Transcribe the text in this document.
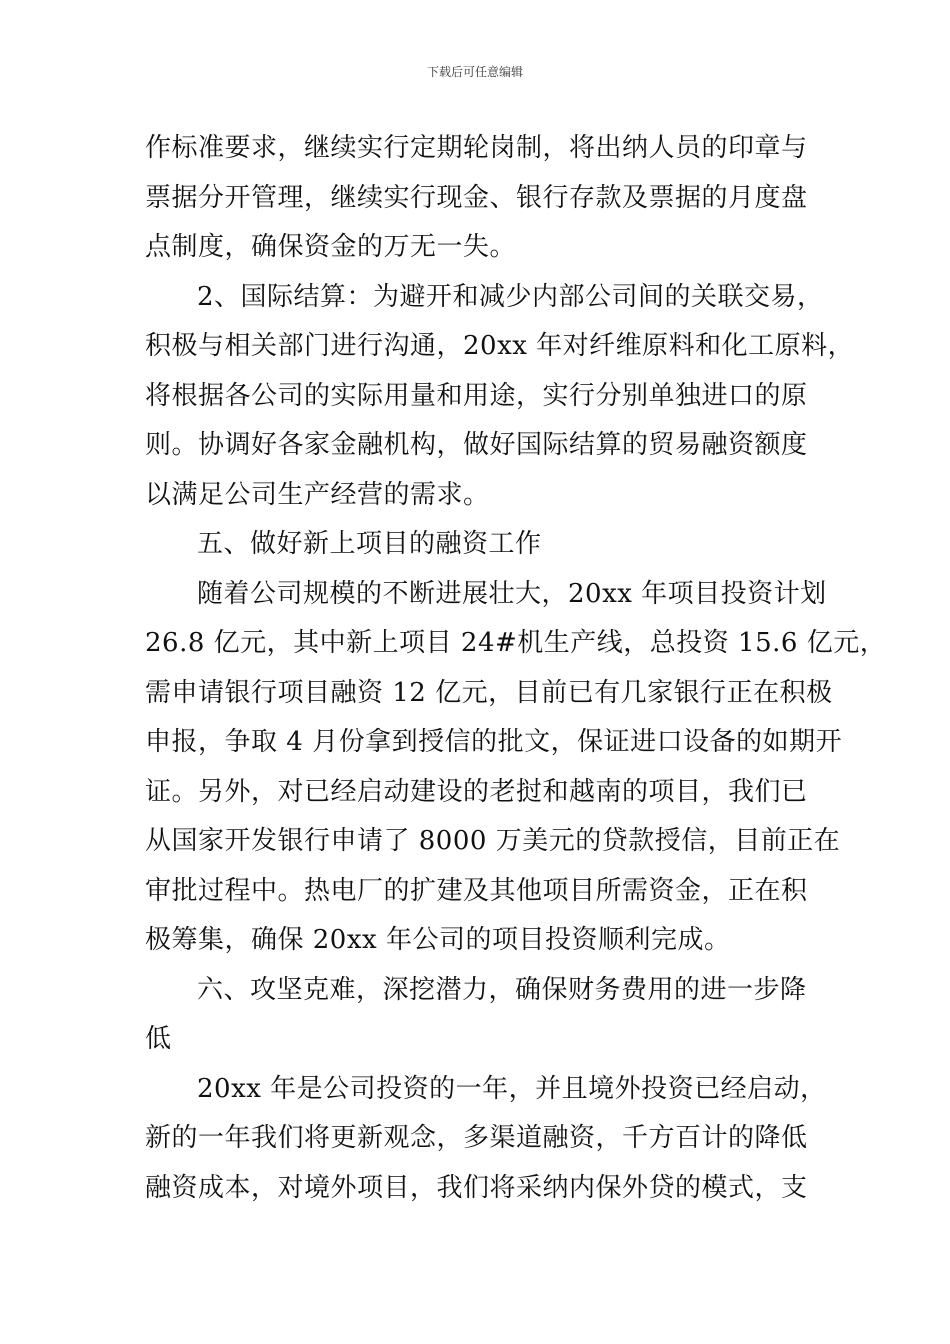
下载后可任意编辑
作标准要求，继续实行定期轮岗制，将出纳人员的印章与
票据分开管理，继续实行现金、银行存款及票据的月度盘
点制度，确保资金的万无一失。
2、国际结算：为避开和减少内部公司间的关联交易，
积极与相关部门进行沟通，20xx 年对纤维原料和化工原料，
将根据各公司的实际用量和用途，实行分别单独进口的原
则。协调好各家金融机构，做好国际结算的贸易融资额度
以满足公司生产经营的需求。
五、做好新上项目的融资工作
随着公司规模的不断进展壮大，20xx 年项目投资计划
26.8 亿元，其中新上项目 24#机生产线，总投资 15.6 亿元，
需申请银行项目融资 12 亿元，目前已有几家银行正在积极
申报，争取 4 月份拿到授信的批文，保证进口设备的如期开
证。另外，对已经启动建设的老挝和越南的项目，我们已
从国家开发银行申请了 8000 万美元的贷款授信，目前正在
审批过程中。热电厂的扩建及其他项目所需资金，正在积
极筹集，确保 20xx 年公司的项目投资顺利完成。
六、攻坚克难，深挖潜力，确保财务费用的进一步降
低
20xx 年是公司投资的一年，并且境外投资已经启动，
新的一年我们将更新观念，多渠道融资，千方百计的降低
融资成本，对境外项目，我们将采纳内保外贷的模式，支
